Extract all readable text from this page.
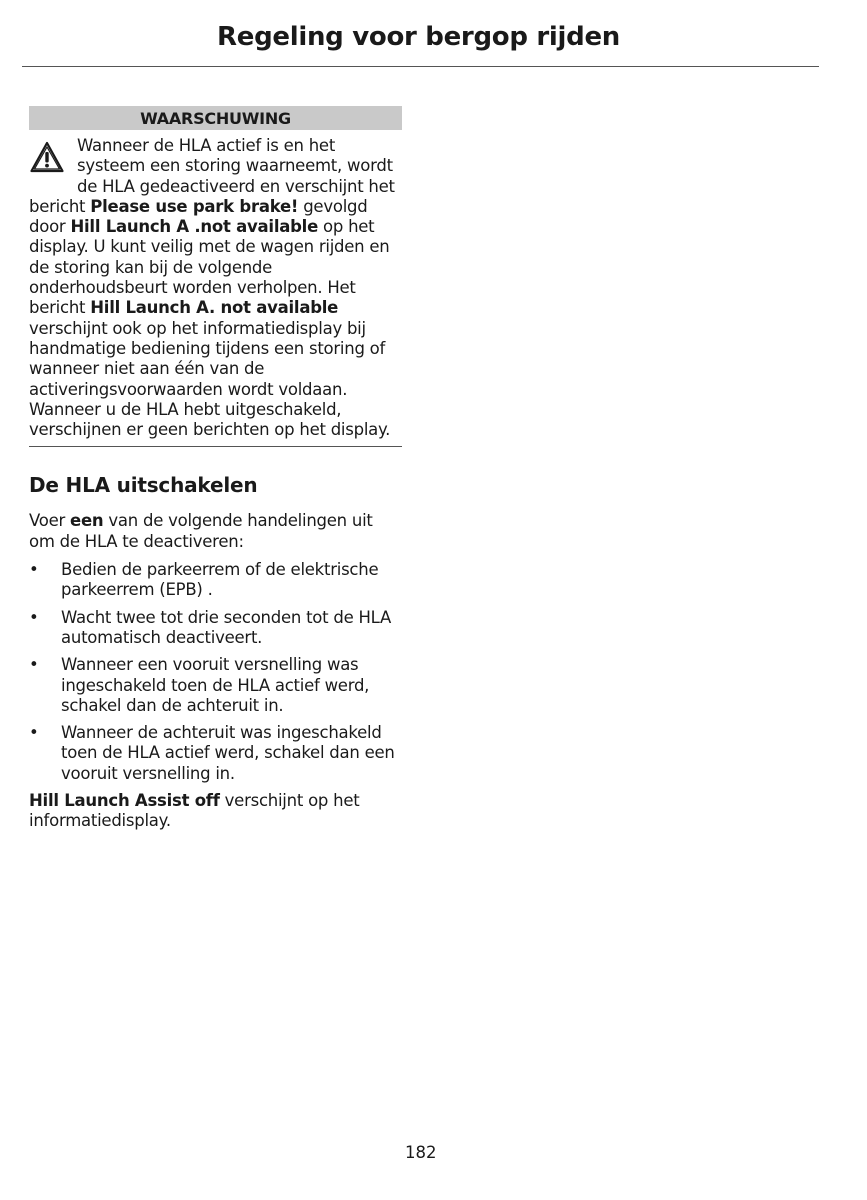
Regeling voor bergop rijden
WAARSCHUWING
Wanneer de HLA actief is en het systeem een storing waarneemt, wordt de HLA gedeactiveerd en verschijnt het bericht Please use park brake! gevolgd door Hill Launch A .not available op het display. U kunt veilig met de wagen rijden en de storing kan bij de volgende onderhoudsbeurt worden verholpen. Het bericht Hill Launch A. not available verschijnt ook op het informatiedisplay bij handmatige bediening tijdens een storing of wanneer niet aan één van de activeringsvoorwaarden wordt voldaan. Wanneer u de HLA hebt uitgeschakeld, verschijnen er geen berichten op het display.
De HLA uitschakelen

Voer een van de volgende handelingen uit om de HLA te deactiveren:

• Bedien de parkeerrem of de elektrische parkeerrem (EPB) .
• Wacht twee tot drie seconden tot de HLA automatisch deactiveert.
• Wanneer een vooruit versnelling was ingeschakeld toen de HLA actief werd, schakel dan de achteruit in.
• Wanneer de achteruit was ingeschakeld toen de HLA actief werd, schakel dan een vooruit versnelling in.

Hill Launch Assist off verschijnt op het informatiedisplay.

182
